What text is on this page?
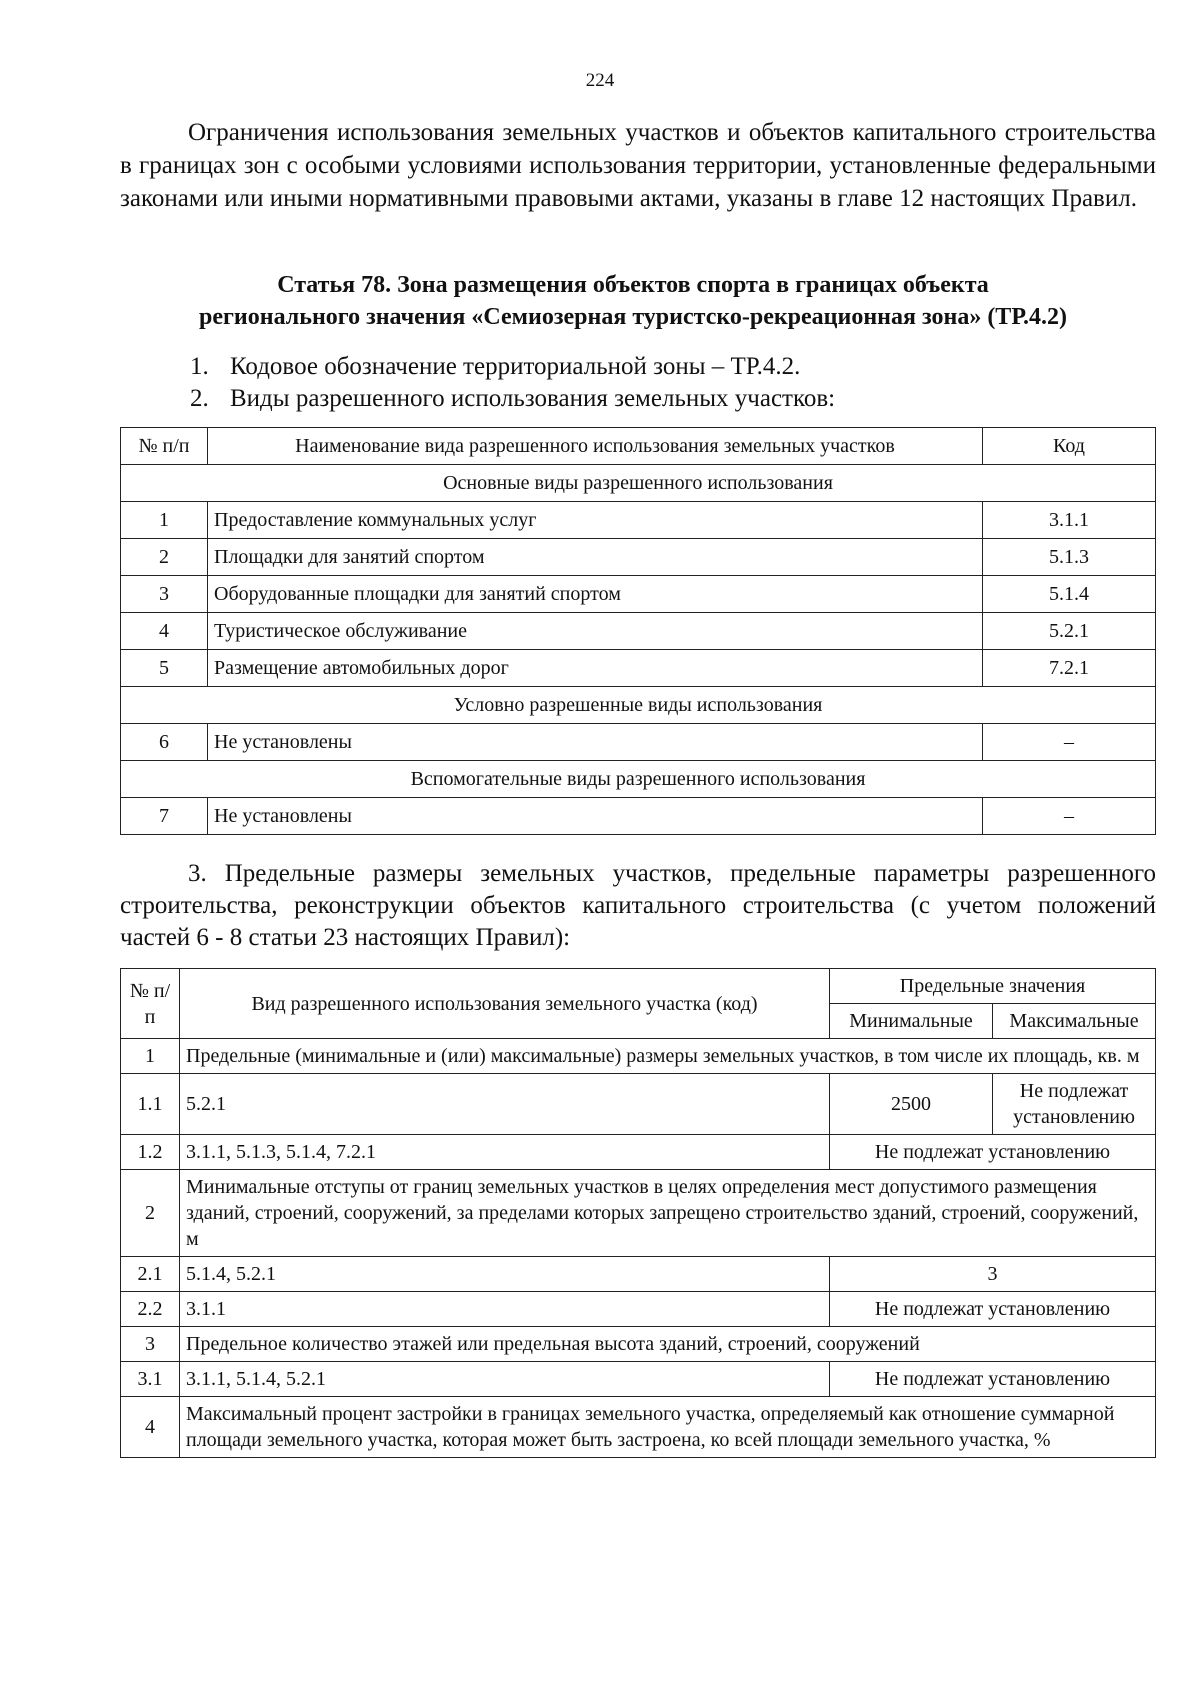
224

Ограничения использования земельных участков и объектов капитального строительства в границах зон с особыми условиями использования территории, установленные федеральными законами или иными нормативными правовыми актами, указаны в главе 12 настоящих Правил.

Статья 78. Зона размещения объектов спорта в границах объекта
регионального значения «Семиозерная туристско-рекреационная зона» (ТР.4.2)

1. Кодовое обозначение территориальной зоны – ТР.4.2.

2. Виды разрешенного использования земельных участков:

№ п/п	Наименование вида разрешенного использования земельных участков	Код
Основные виды разрешенного использования		
1	Предоставление коммунальных услуг	3.1.1
2	Площадки для занятий спортом	5.1.3
3	Оборудованные площадки для занятий спортом	5.1.4
4	Туристическое обслуживание	5.2.1
5	Размещение автомобильных дорог	7.2.1
Условно разрешенные виды использования		
6	Не установлены	–
Вспомогательные виды разрешенного использования		
7	Не установлены	–

3. Предельные размеры земельных участков, предельные параметры разрешенного строительства, реконструкции объектов капитального строительства (с учетом положений частей 6 - 8 статьи 23 настоящих Правил):

№ п/п	Вид разрешенного использования земельного участка (код)	Предельные значения	
		Минимальные	Максимальные
1	Предельные (минимальные и (или) максимальные) размеры земельных участков, в том числе их площадь, кв. м		
1.1	5.2.1	2500	Не подлежат установлению
1.2	3.1.1, 5.1.3, 5.1.4, 7.2.1	Не подлежат установлению	
2	Минимальные отступы от границ земельных участков в целях определения мест допустимого размещения зданий, строений, сооружений, за пределами которых запрещено строительство зданий, строений, сооружений, м		
2.1	5.1.4, 5.2.1	3	
2.2	3.1.1	Не подлежат установлению	
3	Предельное количество этажей или предельная высота зданий, строений, сооружений		
3.1	3.1.1, 5.1.4, 5.2.1	Не подлежат установлению	
4	Максимальный процент застройки в границах земельного участка, определяемый как отношение суммарной площади земельного участка, которая может быть застроена, ко всей площади земельного участка, %		
